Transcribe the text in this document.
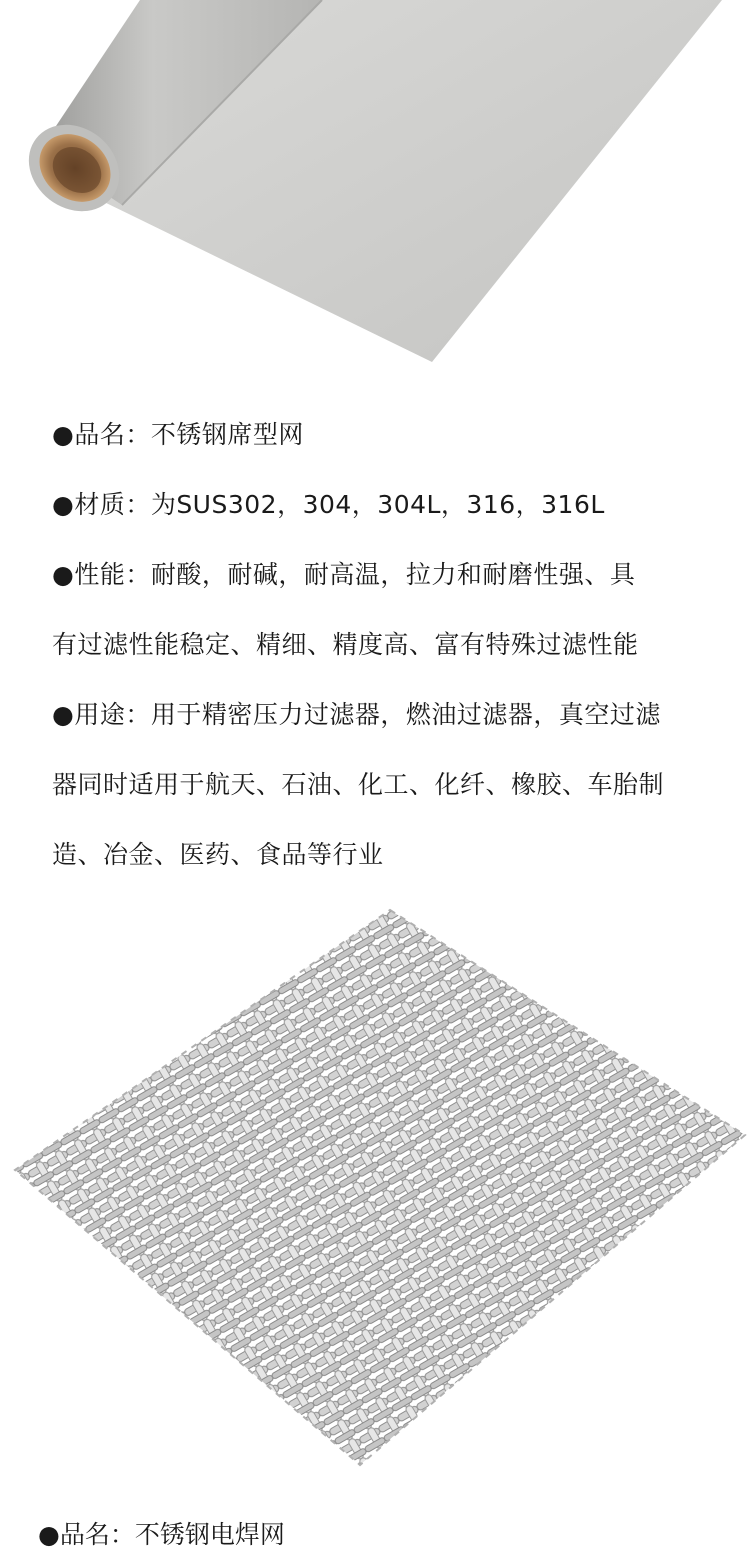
●品名：不锈钢席型网
●材质：为SUS302，304，304L，316，316L
●性能：耐酸，耐碱，耐高温，拉力和耐磨性强、具
有过滤性能稳定、精细、精度高、富有特殊过滤性能
●用途：用于精密压力过滤器，燃油过滤器，真空过滤
器同时适用于航天、石油、化工、化纤、橡胶、车胎制
造、冶金、医药、食品等行业
●品名：不锈钢电焊网
